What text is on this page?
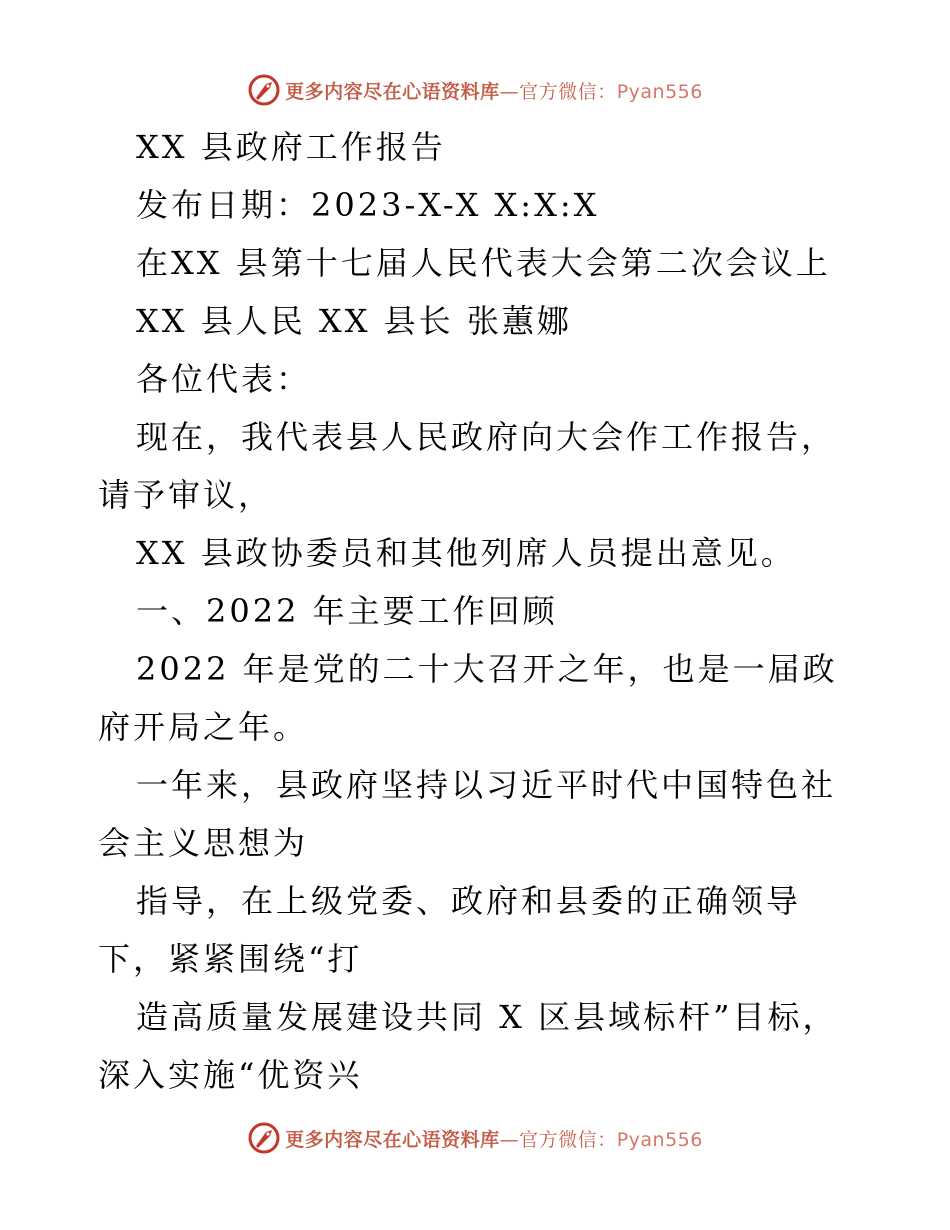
更多内容尽在心语资料库—官方微信：Pyan556

XX 县政府工作报告

发布日期：2023-X-X X:X:X

在XX 县第十七届人民代表大会第二次会议上

XX 县人民 XX 县长 张蕙娜

各位代表：

现在，我代表县人民政府向大会作工作报告，请予审议，

XX 县政协委员和其他列席人员提出意见。

一、2022 年主要工作回顾

2022 年是党的二十大召开之年，也是一届政府开局之年。

一年来，县政府坚持以习近平时代中国特色社会主义思想为

指导，在上级党委、政府和县委的正确领导下，紧紧围绕“打

造高质量发展建设共同 X 区县域标杆”目标，深入实施“优资兴

更多内容尽在心语资料库—官方微信：Pyan556
